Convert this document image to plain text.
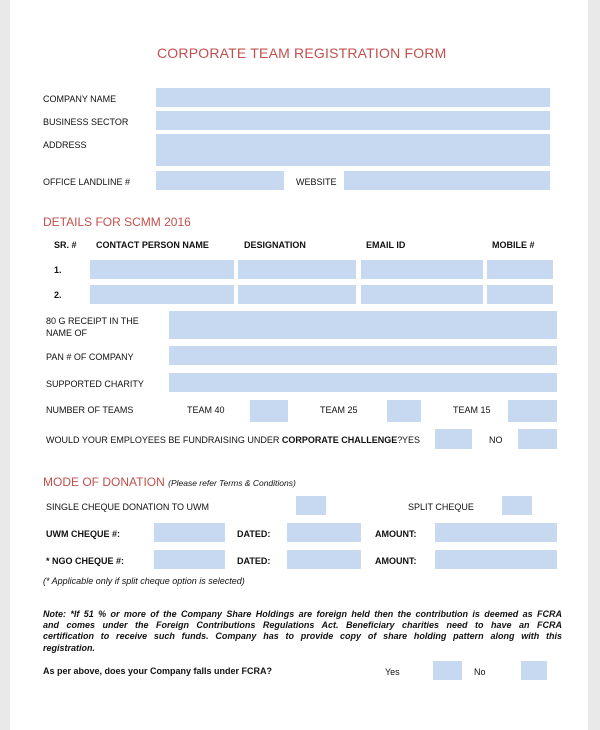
CORPORATE TEAM REGISTRATION FORM
COMPANY NAME
BUSINESS SECTOR
ADDRESS
OFFICE LANDLINE #	WEBSITE
DETAILS FOR SCMM 2016
SR. # CONTACT PERSON NAME	DESIGNATION	EMAIL ID	MOBILE #
1.
2.
80 G RECEIPT IN THE
NAME OF
PAN # OF COMPANY
SUPPORTED CHARITY
NUMBER OF TEAMS	TEAM 40	TEAM 25	TEAM 15
WOULD YOUR EMPLOYEES BE FUNDRAISING UNDER CORPORATE CHALLENGE? YES	NO
MODE OF DONATION (Please refer Terms & Conditions)
SINGLE CHEQUE DONATION TO UWM	SPLIT CHEQUE
UWM CHEQUE #:	DATED:	AMOUNT:
* NGO CHEQUE #:	DATED:	AMOUNT:
(* Applicable only if split cheque option is selected)
Note: *If 51 % or more of the Company Share Holdings are foreign held then the contribution is deemed as FCRA
and comes under the Foreign Contributions Regulations Act. Beneficiary charities need to have an FCRA
certification to receive such funds. Company has to provide copy of share holding pattern along with this
registration.
As per above, does your Company falls under FCRA?	Yes	No
